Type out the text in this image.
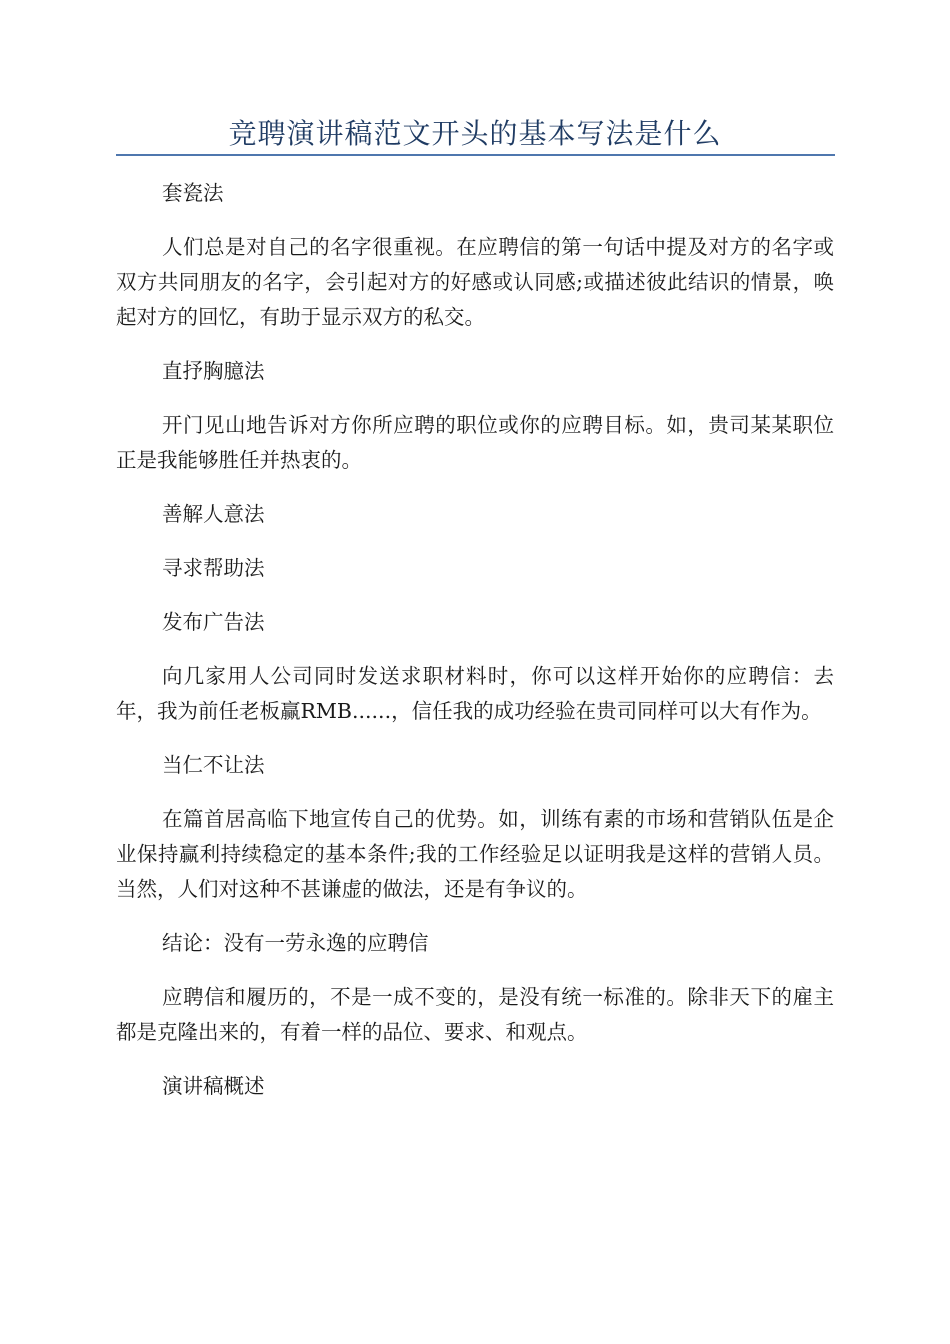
竞聘演讲稿范文开头的基本写法是什么

套瓷法

人们总是对自己的名字很重视。在应聘信的第一句话中提及对方的名字或双方共同朋友的名字，会引起对方的好感或认同感;或描述彼此结识的情景，唤起对方的回忆，有助于显示双方的私交。

直抒胸臆法

开门见山地告诉对方你所应聘的职位或你的应聘目标。如，贵司某某职位正是我能够胜任并热衷的。

善解人意法

寻求帮助法

发布广告法

向几家用人公司同时发送求职材料时，你可以这样开始你的应聘信：去年，我为前任老板赢RMB......，信任我的成功经验在贵司同样可以大有作为。

当仁不让法

在篇首居高临下地宣传自己的优势。如，训练有素的市场和营销队伍是企业保持赢利持续稳定的基本条件;我的工作经验足以证明我是这样的营销人员。当然，人们对这种不甚谦虚的做法，还是有争议的。

结论：没有一劳永逸的应聘信

应聘信和履历的，不是一成不变的，是没有统一标准的。除非天下的雇主都是克隆出来的，有着一样的品位、要求、和观点。

演讲稿概述
